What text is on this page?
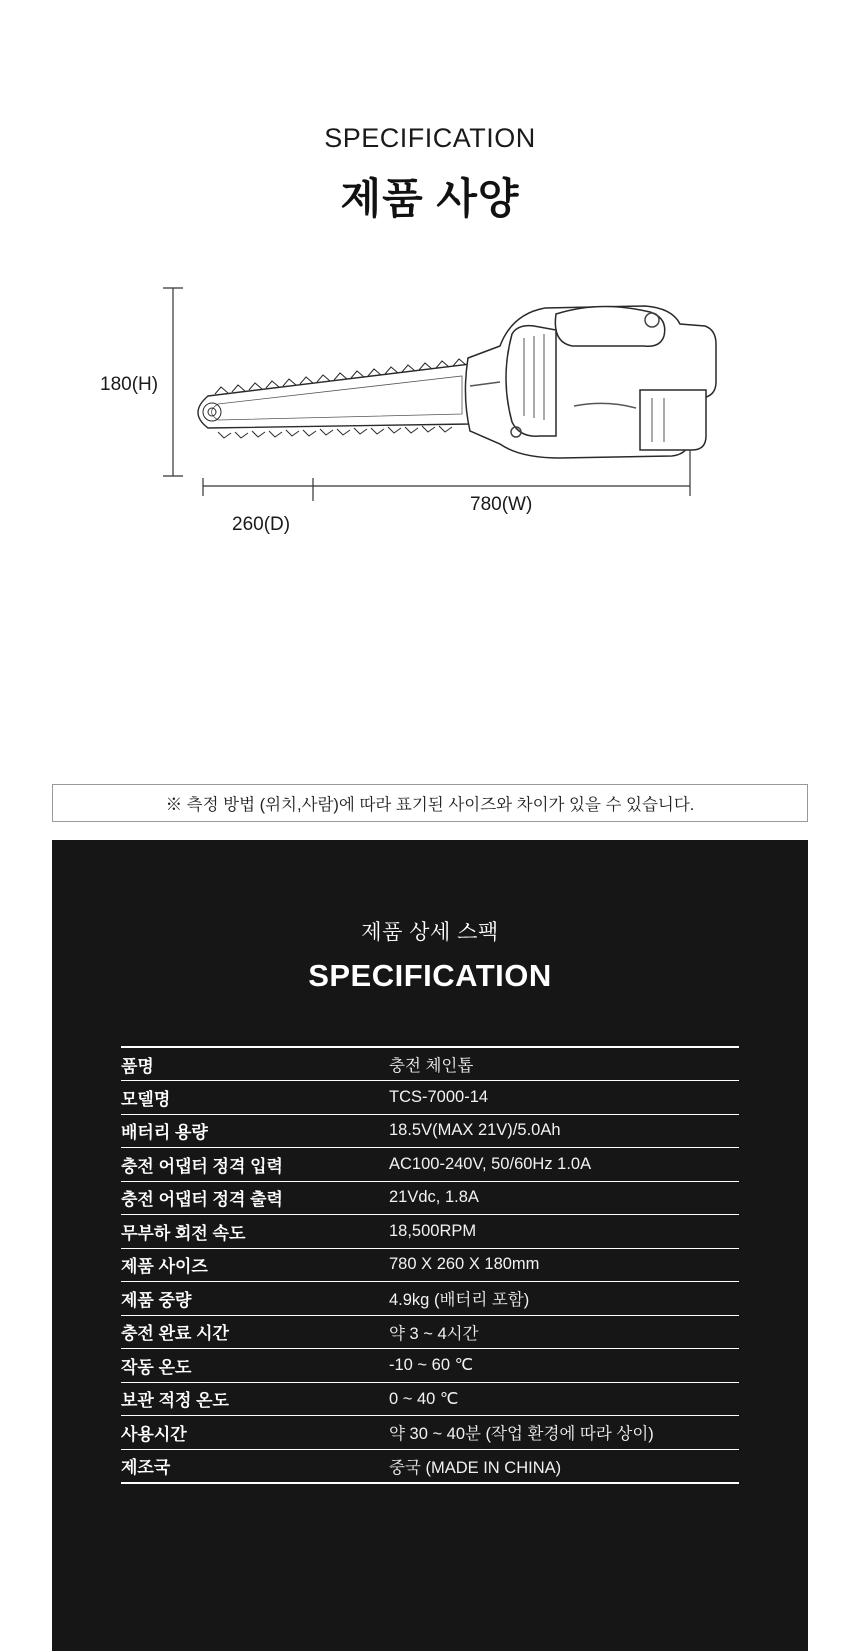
SPECIFICATION
제품 사양
180(H)
260(D)
780(W)
※ 측정 방법 (위치,사람)에 따라 표기된 사이즈와 차이가 있을 수 있습니다.
제품 상세 스팩
SPECIFICATION
품명	충전 체인톱
모델명	TCS-7000-14
배터리 용량	18.5V(MAX 21V)/5.0Ah
충전 어댑터 정격 입력	AC100-240V, 50/60Hz 1.0A
충전 어댑터 정격 출력	21Vdc, 1.8A
무부하 회전 속도	18,500RPM
제품 사이즈	780 X 260 X 180mm
제품 중량	4.9kg (배터리 포함)
충전 완료 시간	약 3 ~ 4시간
작동 온도	-10 ~ 60 ℃
보관 적정 온도	0 ~ 40 ℃
사용시간	약 30 ~ 40분 (작업 환경에 따라 상이)
제조국	중국 (MADE IN CHINA)
